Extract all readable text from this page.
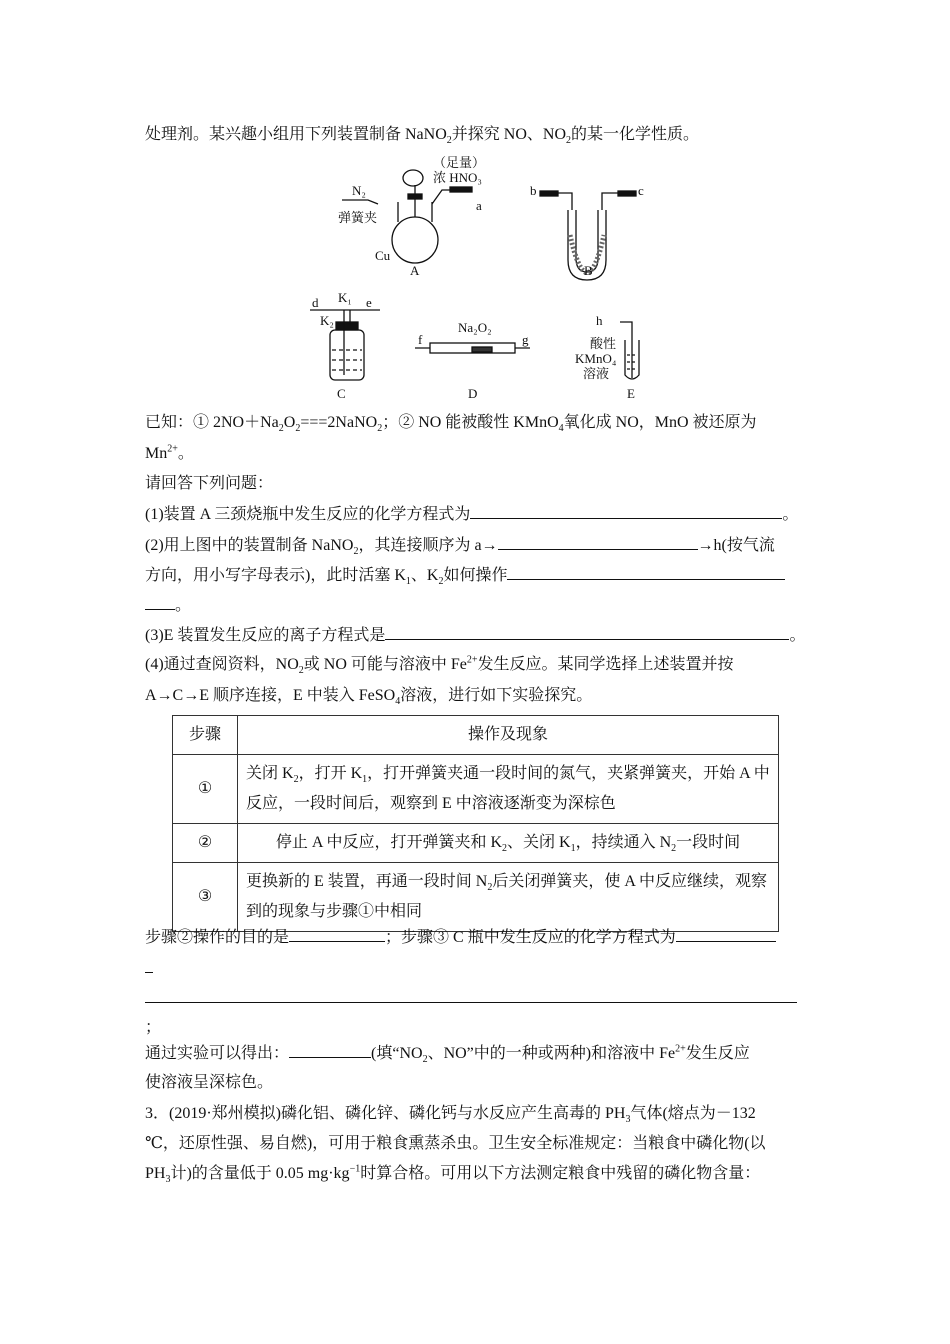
处理剂。某兴趣小组用下列装置制备 NaNO$_2$并探究 NO、$NO_2$的某一化学性质。
（足量）
浓 HNO₃
N₂
弹簧夹
Cu
a
A
b	c
B
d	e
K₁
K₂
C
Na₂O₂
f	g
D
h
酸性
KMnO₄
溶液
E
已知：① $2NO+Na_2O_2===2NaNO_2$；② NO 能被酸性 KMnO$_4$氧化成 NO，MnO 被还原为
$Mn^{2+}$。
请回答下列问题：
(1)装置 A 三颈烧瓶中发生反应的化学方程式为	。
(2)用上图中的装置制备 NaNO$_2$，其连接顺序为 a→	→h(按气流
方向，用小写字母表示)，此时活塞 $K_1$、$K_2$如何操作
。
(3)E 装置发生反应的离子方程式是	。
(4)通过查阅资料，$NO_2$或 NO 可能与溶液中 $Fe^{2+}$发生反应。某同学选择上述装置并按
A→C→E 顺序连接，E 中装入 FeSO$_4$溶液，进行如下实验探究。
步骤	操作及现象
①	关闭 $K_2$，打开 $K_1$，打开弹簧夹通一段时间的氮气，夹紧弹簧夹，开始 A 中反应，一段时间后，观察到 E 中溶液逐渐变为深棕色
②	停止 A 中反应，打开弹簧夹和 $K_2$、关闭 $K_1$，持续通入 $N_2$一段时间
③	更换新的 E 装置，再通一段时间 $N_2$后关闭弹簧夹，使 A 中反应继续，观察到的现象与步骤①中相同
步骤②操作的目的是	；步骤③ C 瓶中发生反应的化学方程式为
；
通过实验可以得出：	(填“$NO_2$、NO”中的一种或两种)和溶液中 $Fe^{2+}$发生反应
使溶液呈深棕色。
3．(2019·郑州模拟)磷化铝、磷化锌、磷化钙与水反应产生高毒的 $PH_3$气体(熔点为－132
℃，还原性强、易自燃)，可用于粮食熏蒸杀虫。卫生安全标准规定：当粮食中磷化物(以
$PH_3$计)的含量低于 0.05 $mg\cdot kg^{-1}$时算合格。可用以下方法测定粮食中残留的磷化物含量：
